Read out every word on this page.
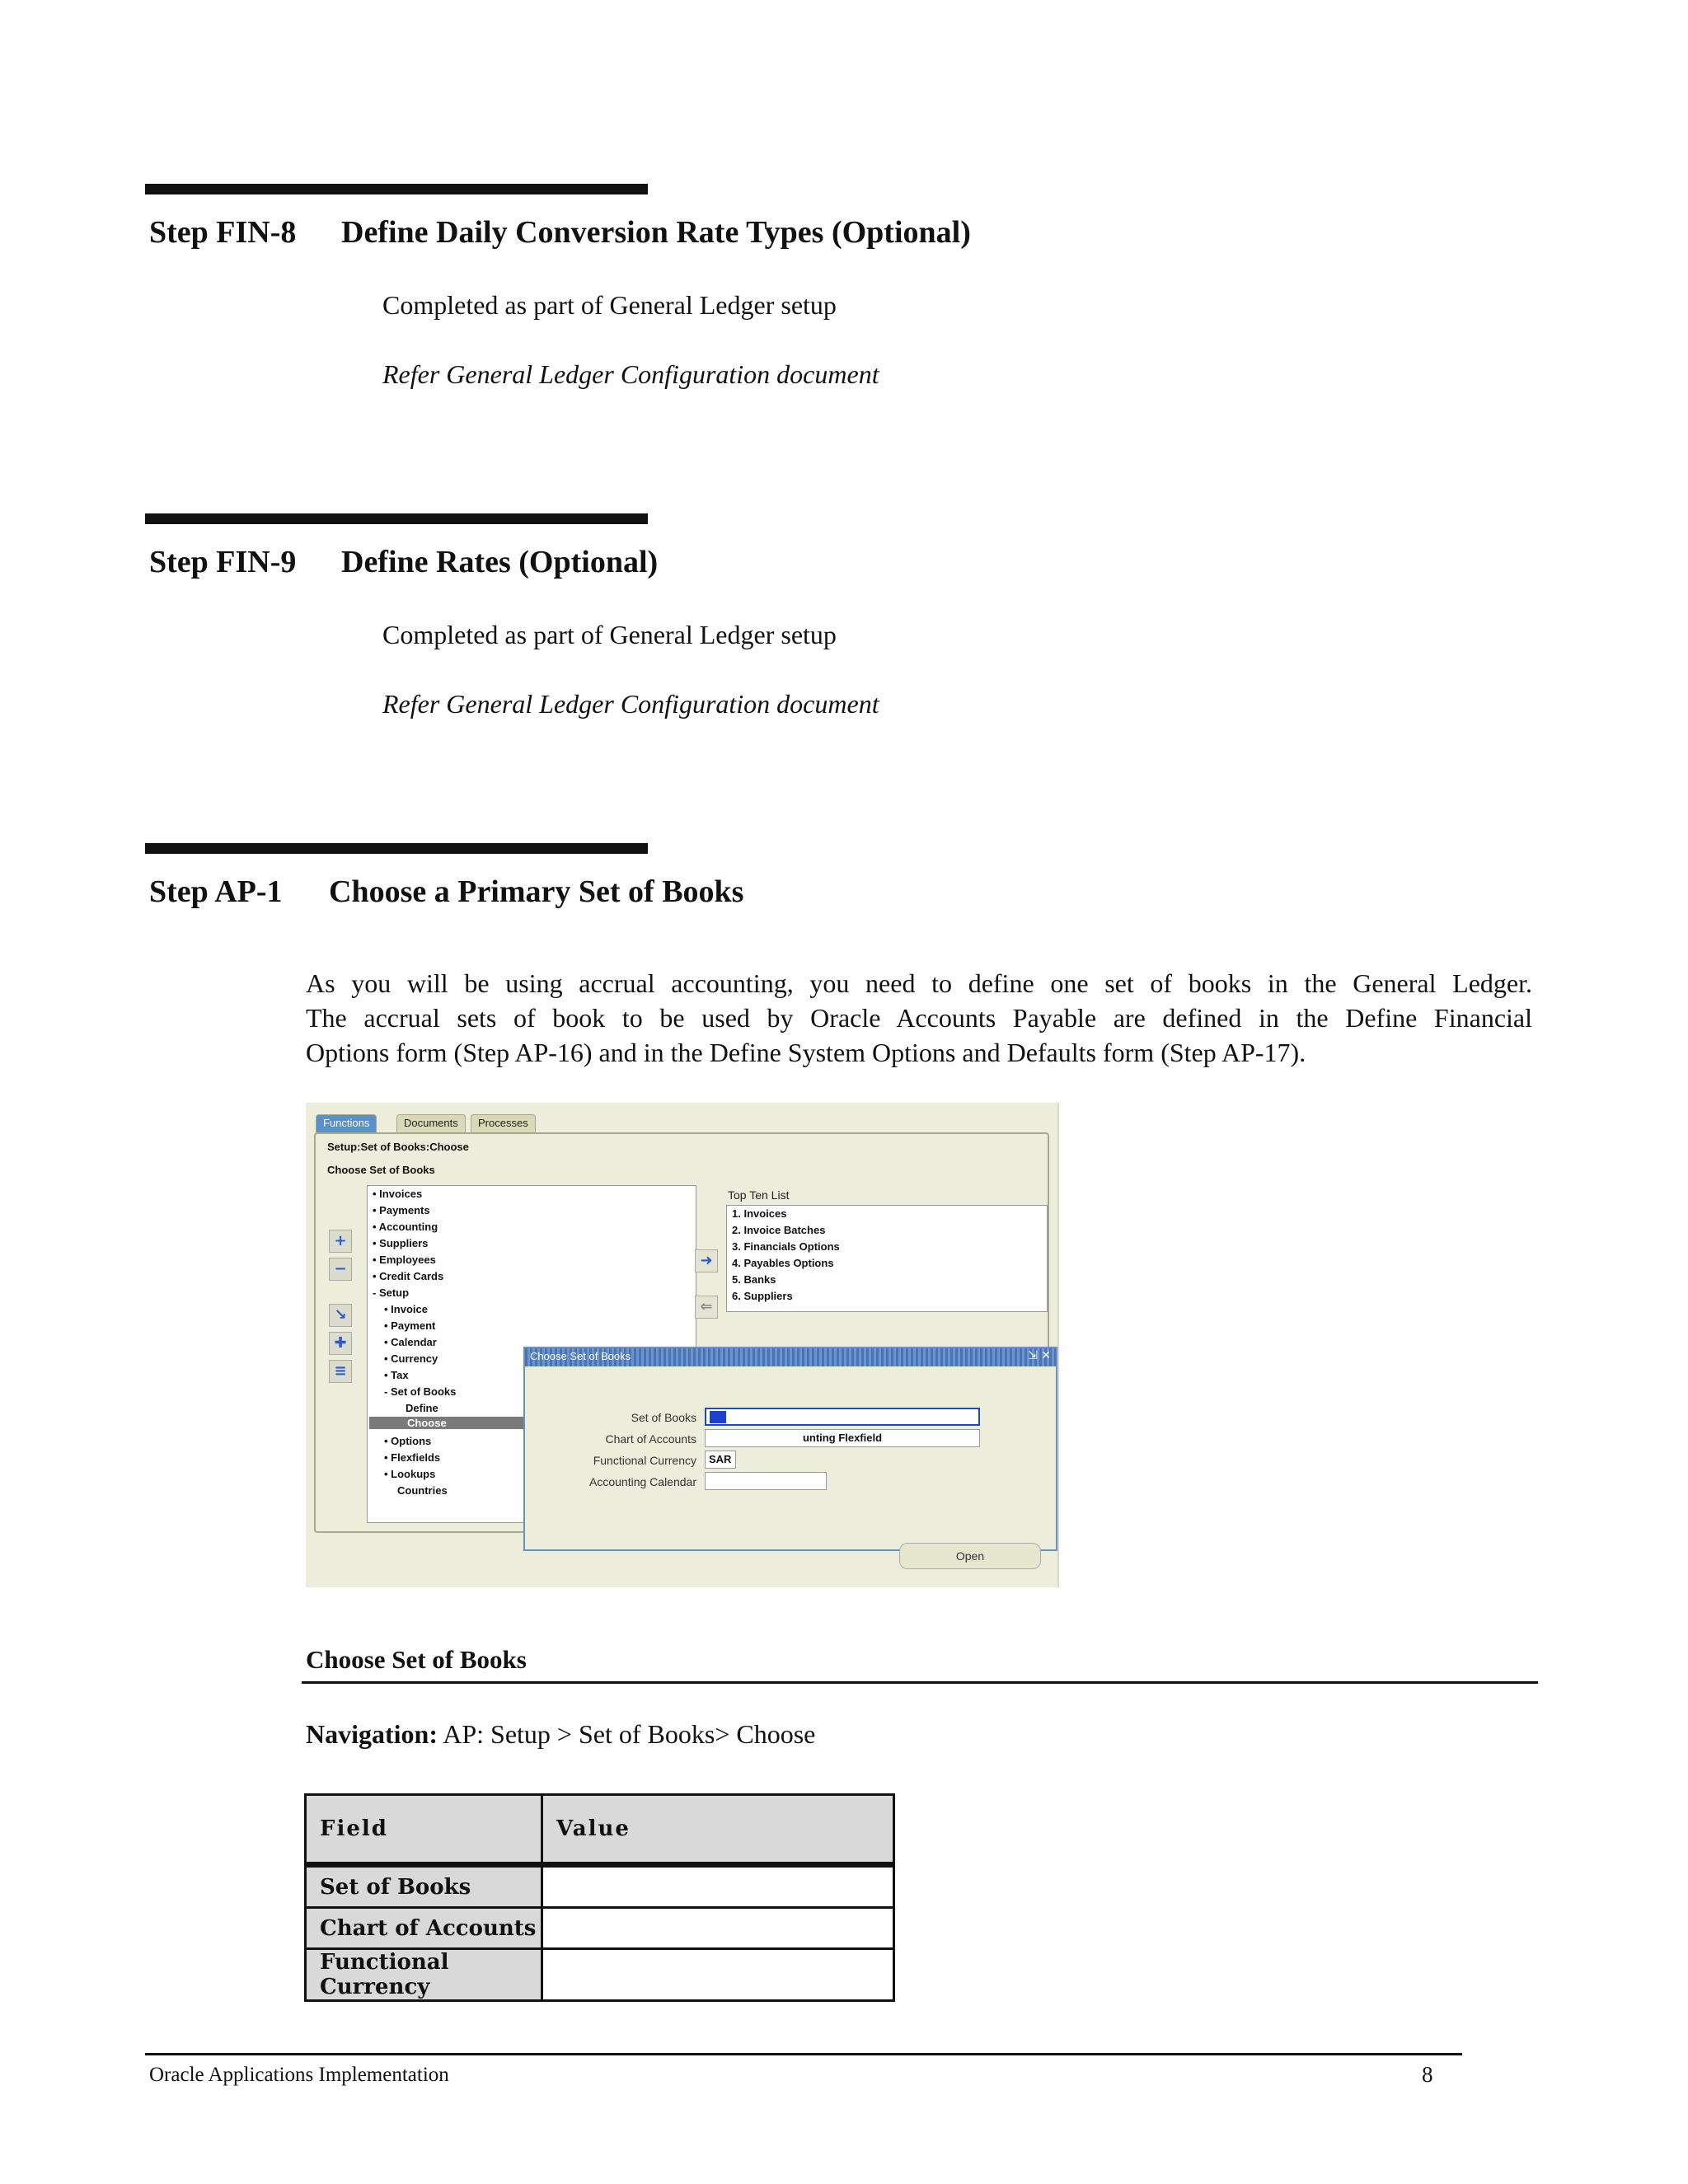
Step FIN-8 Define Daily Conversion Rate Types (Optional)
Completed as part of General Ledger setup
Refer General Ledger Configuration document
Step FIN-9 Define Rates (Optional)
Completed as part of General Ledger setup
Refer General Ledger Configuration document
Step AP-1 Choose a Primary Set of Books
As you will be using accrual accounting, you need to define one set of books in the General Ledger.
The accrual sets of book to be used by Oracle Accounts Payable are defined in the Define Financial
Options form (Step AP-16) and in the Define System Options and Defaults form (Step AP-17).
Functions	Documents	Processes
Setup:Set of Books:Choose
Choose Set of Books
+
−
↘
✚
≡
• Invoices
• Payments
• Accounting
• Suppliers
• Employees
• Credit Cards
- Setup
• Invoice
• Payment
• Calendar
• Currency
• Tax
- Set of Books
Define
Choose
• Options
• Flexfields
• Lookups
Countries
➜
⇐
Top Ten List
1. Invoices
2. Invoice Batches
3. Financials Options
4. Payables Options
5. Banks
6. Suppliers
Choose Set of Books	⇲ ✕
Set of Books

Chart of Accounts	unting Flexfield
Functional Currency	SAR
Accounting Calendar
Open
Choose Set of Books
Navigation: AP: Setup > Set of Books> Choose
Field	Value
Set of Books	
Chart of Accounts	
Functional Currency	
Oracle Applications Implementation	8
